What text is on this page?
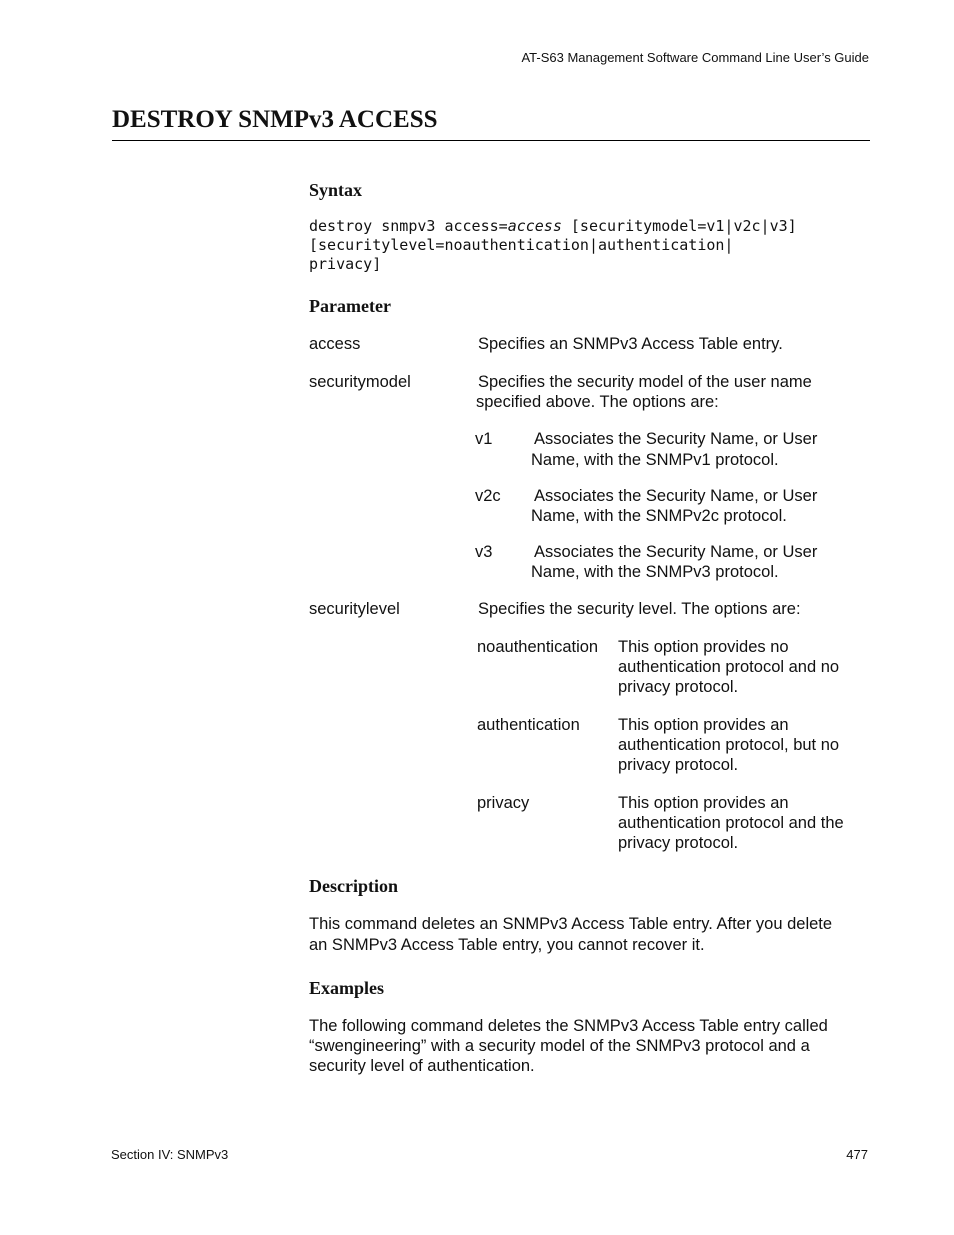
AT-S63 Management Software Command Line User’s Guide
DESTROY SNMPv3 ACCESS
Syntax
destroy snmpv3 access=access [securitymodel=v1|v2c|v3]
[securitylevel=noauthentication|authentication|
privacy]
Parameter
access	Specifies an SNMPv3 Access Table entry.
securitymodel	Specifies the security model of the user name
specified above. The options are:
v1	Associates the Security Name, or User
Name, with the SNMPv1 protocol.
v2c Associates the Security Name, or User
Name, with the SNMPv2c protocol.
v3	Associates the Security Name, or User
Name, with the SNMPv3 protocol.
securitylevel	Specifies the security level. The options are:
noauthentication This option provides no
authentication protocol and no
privacy protocol.
authentication This option provides an
authentication protocol, but no
privacy protocol.
privacy	This option provides an
authentication protocol and the
privacy protocol.
Description
This command deletes an SNMPv3 Access Table entry. After you delete
an SNMPv3 Access Table entry, you cannot recover it.
Examples
The following command deletes the SNMPv3 Access Table entry called
“swengineering” with a security model of the SNMPv3 protocol and a
security level of authentication.
Section IV: SNMPv3	477
